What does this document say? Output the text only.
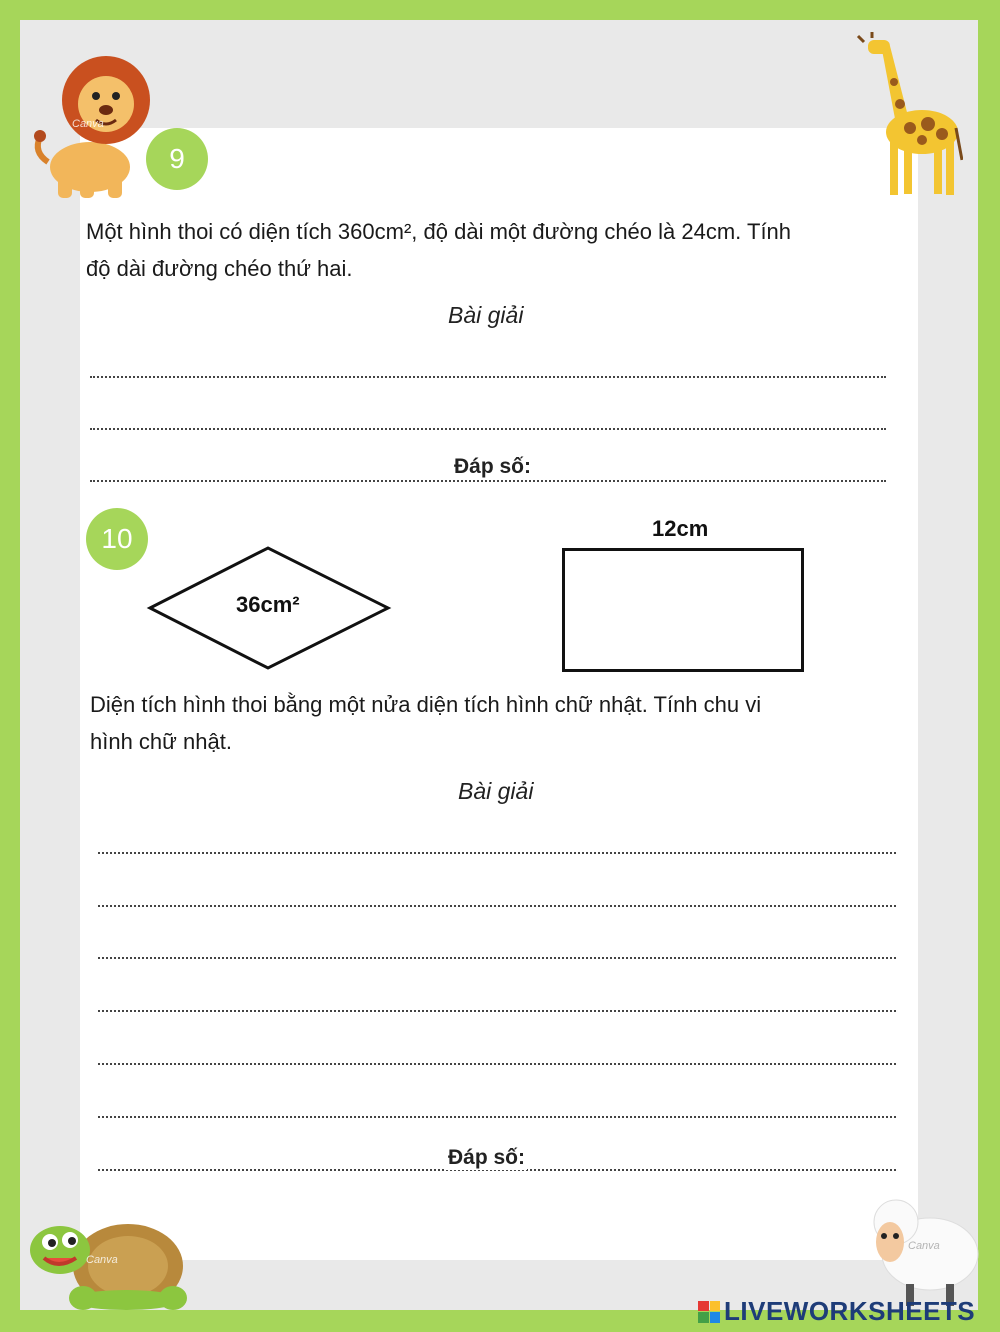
Canva
Canva
Canva
9
Một hình thoi có diện tích 360cm², độ dài một đường chéo là 24cm. Tính
độ dài đường chéo thứ hai.
Bài giải
Đáp số:
10
36cm²
12cm
Diện tích hình thoi bằng một nửa diện tích hình chữ nhật. Tính chu vi
hình chữ nhật.
Bài giải
Đáp số:
LIVEWORKSHEETS
